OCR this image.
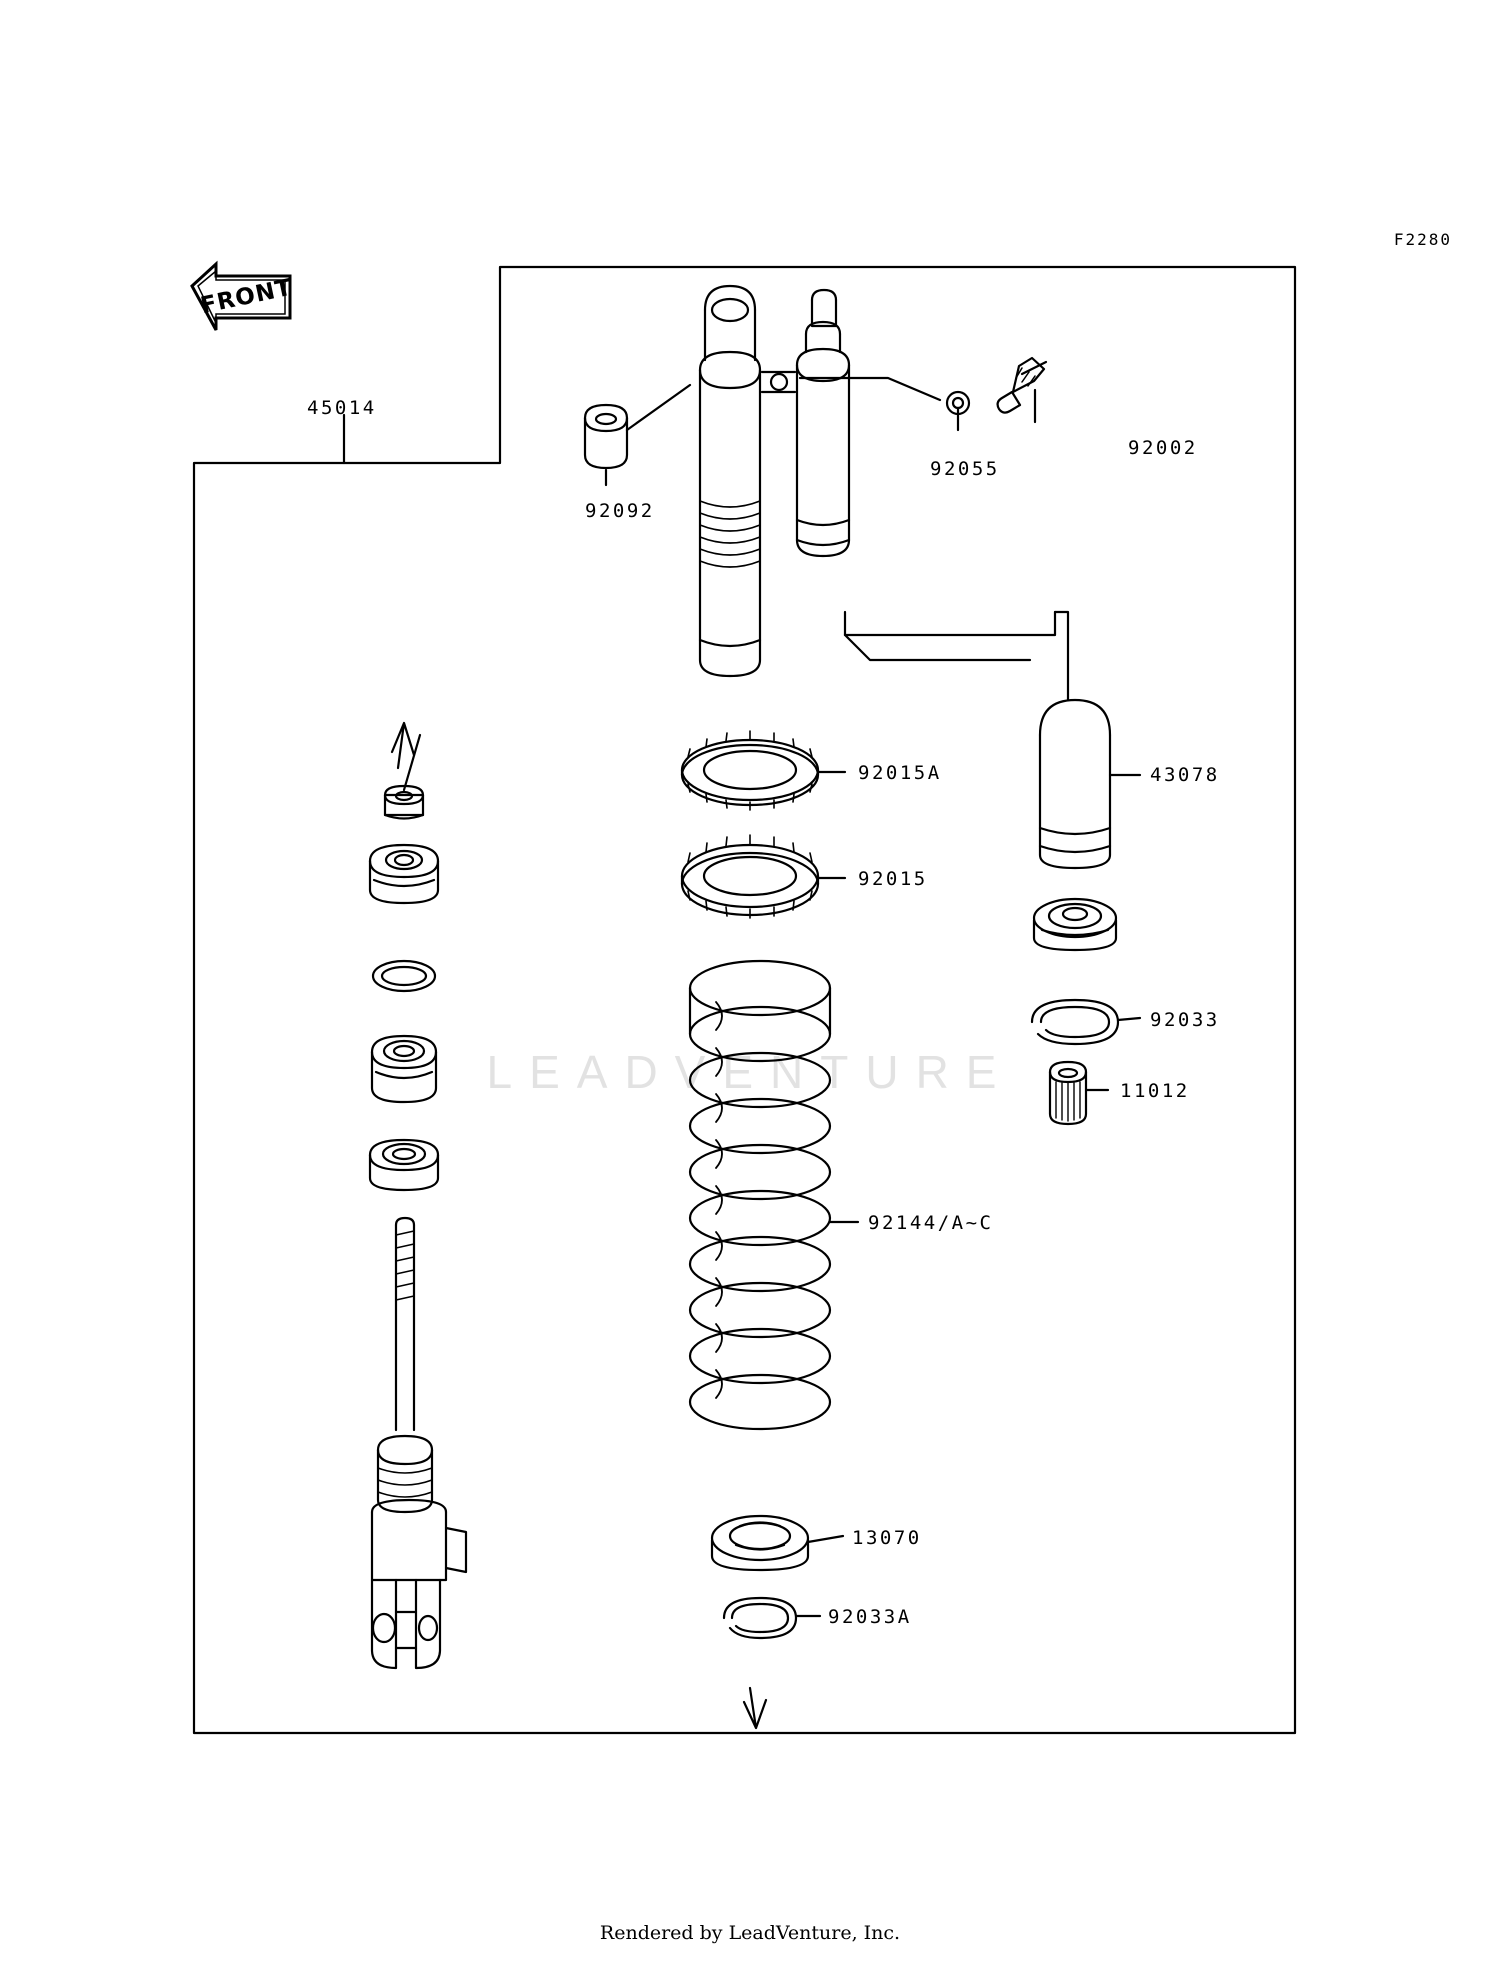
F2280
LEADVENTURE
FRONT
45014
92092
92055
92002
92015A
92015
43078
92033
11012
92144/A~C
13070
92033A
Rendered by LeadVenture, Inc.
